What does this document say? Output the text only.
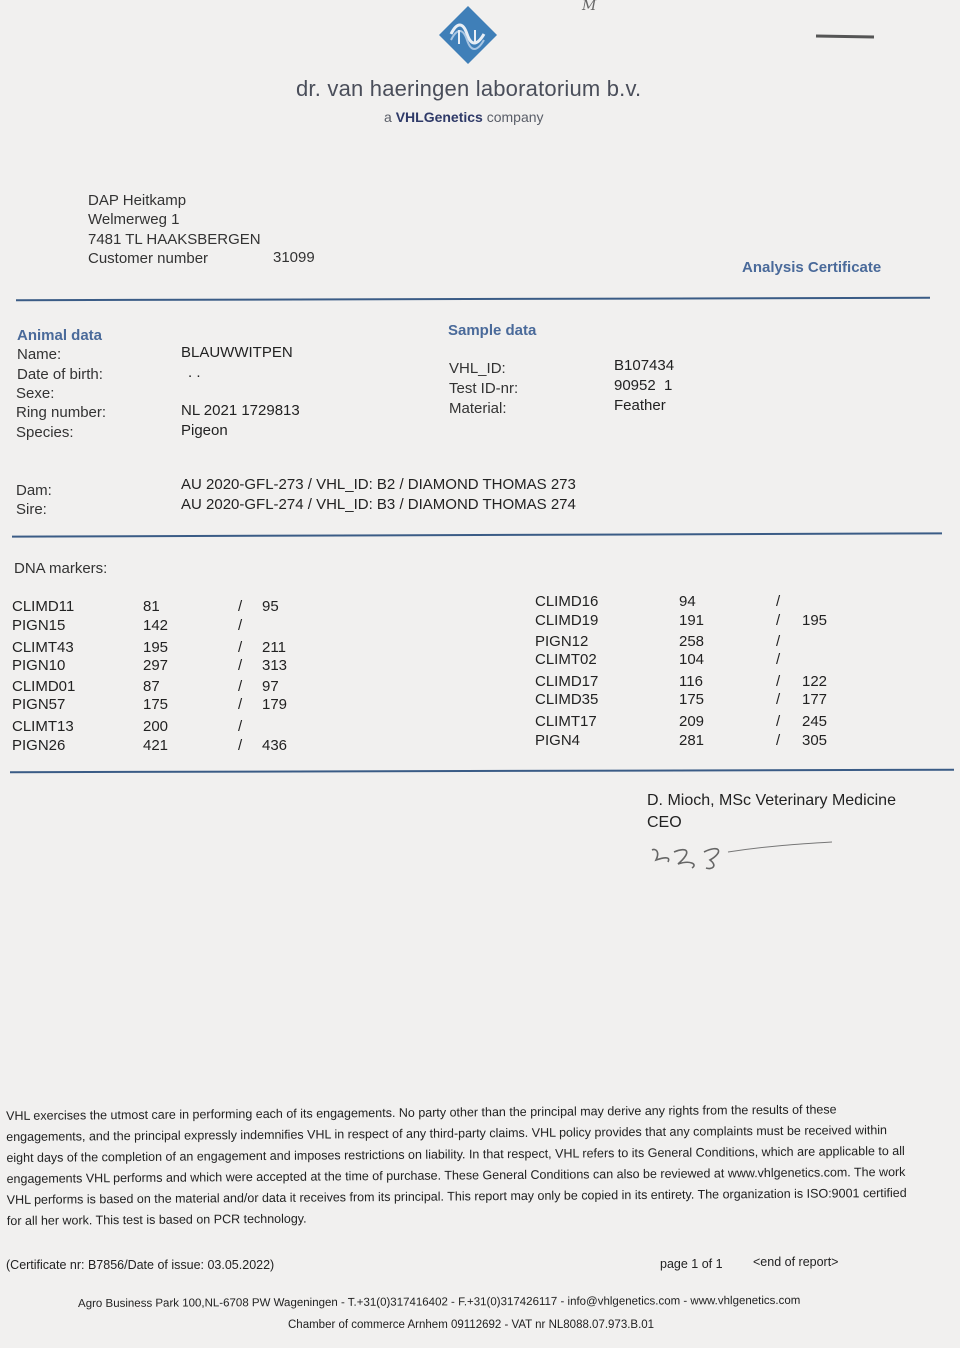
M
dr. van haeringen laboratorium b.v.
a VHLGenetics company
DAP Heitkamp
Welmerweg 1
7481 TL HAAKSBERGEN
Customer number	31099
Analysis Certificate
Animal data
Name:	BLAUWWITPEN
Date of birth:	. .
Sexe:
Ring number:	NL 2021 1729813
Species:	Pigeon
Sample data
VHL_ID:	B107434
Test ID-nr:	90952  1
Material:	Feather
Dam:	AU 2020-GFL-273 / VHL_ID: B2 / DIAMOND THOMAS 273
Sire:	AU 2020-GFL-274 / VHL_ID: B3 / DIAMOND THOMAS 274
DNA markers:
CLIMD11	81	/ 95
PIGN15	142	/
CLIMT43	195	/ 211
PIGN10	297	/ 313
CLIMD01	87	/ 97
PIGN57	175	/ 179
CLIMT13	200	/
PIGN26	421	/ 436
CLIMD16	94	/
CLIMD19	191	/ 195
PIGN12	258	/
CLIMT02	104	/
CLIMD17	116	/ 122
CLIMD35	175	/ 177
CLIMT17	209	/ 245
PIGN4	281	/ 305
D. Mioch, MSc Veterinary Medicine
CEO
VHL exercises the utmost care in performing each of its engagements. No party other than the principal may derive any rights from the results of these engagements, and the principal expressly indemnifies VHL in respect of any third-party claims. VHL policy provides that any complaints must be received within eight days of the completion of an engagement and imposes restrictions on liability. In that respect, VHL refers to its General Conditions, which are applicable to all engagements VHL performs and which were accepted at the time of purchase. These General Conditions can also be reviewed at www.vhlgenetics.com. The work VHL performs is based on the material and/or data it receives from its principal. This report may only be copied in its entirety. The organization is ISO:9001 certified for all her work. This test is based on PCR technology.
(Certificate nr: B7856/Date of issue: 03.05.2022)	page 1 of 1 <end of report>
Agro Business Park 100,NL-6708 PW Wageningen - T.+31(0)317416402 - F.+31(0)317426117 - info@vhlgenetics.com - www.vhlgenetics.com
Chamber of commerce Arnhem 09112692 - VAT nr NL8088.07.973.B.01
